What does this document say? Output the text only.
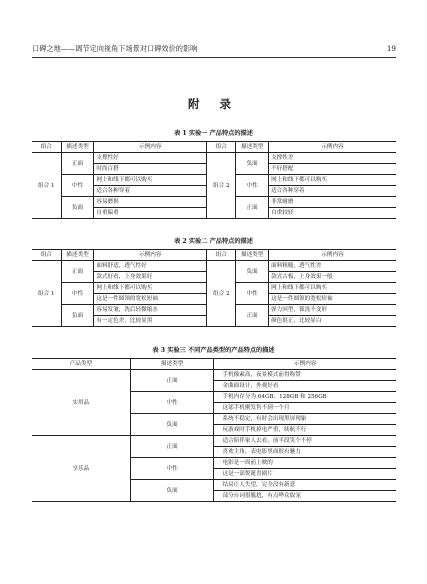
口碑之地——调节定向视角下场景对口碑效价的影响	19
附 录
表 1 实验一 产品特点的描述
组合	描述类型	示例内容	组合	描述类型	示例内容
组合 1	正面	支撑性好	组合 2	负面	支撑性差
		时尚百搭			不好搭配
	中性	网上和线下都可以购买		中性	网上和线下都可以购买
		适合各种穿着			适合各种穿着
	负面	容易磨损		正面	非常耐磨
		自重偏重			自重较轻
表 2 实验二 产品特点的描述
组合	描述类型	示例内容	组合	描述类型	示例内容
组合 1	正面	面料舒适，透气性好	组合 2	负面	面料粗糙，透气性差
		款式好看，上身效果好			款式古板，上身效果一般
	中性	网上和线下都可以购买		中性	网上和线下都可以购买
		这是一件圆领的宽松短袖			这是一件圆领的宽松短袖
	负面	容易发皱，洗后轻微缩水		正面	弹力回型，锁洗不变形
		有一定色差，比较显黑			颜色很正，比较显白
表 3 实验三 不同产品类型的产品特点的描述
产品类型	描述类型	示例内容
实用品	正面	手机像素高，夜景模式前得称赞
		金曲面设计，外观好看
	中性	手机内存分为 64GB、128GB 和 256GB
		这部手机刚发售不到一个月
	负面	系统不稳定，有时会出现黑屏现象
		玩游戏时手机掉电严重，续航不行
享乐品	正面	适合陪伴家人去看，前半段笑个不停
		喜欢主角，表电影里面很有魅力
	中性	电影是一周前上映的
		这是一部悦诞喜剧片
	负面	结局让人失望，完全没有新意
		部分台词很尴尬，有点哗众取宠
